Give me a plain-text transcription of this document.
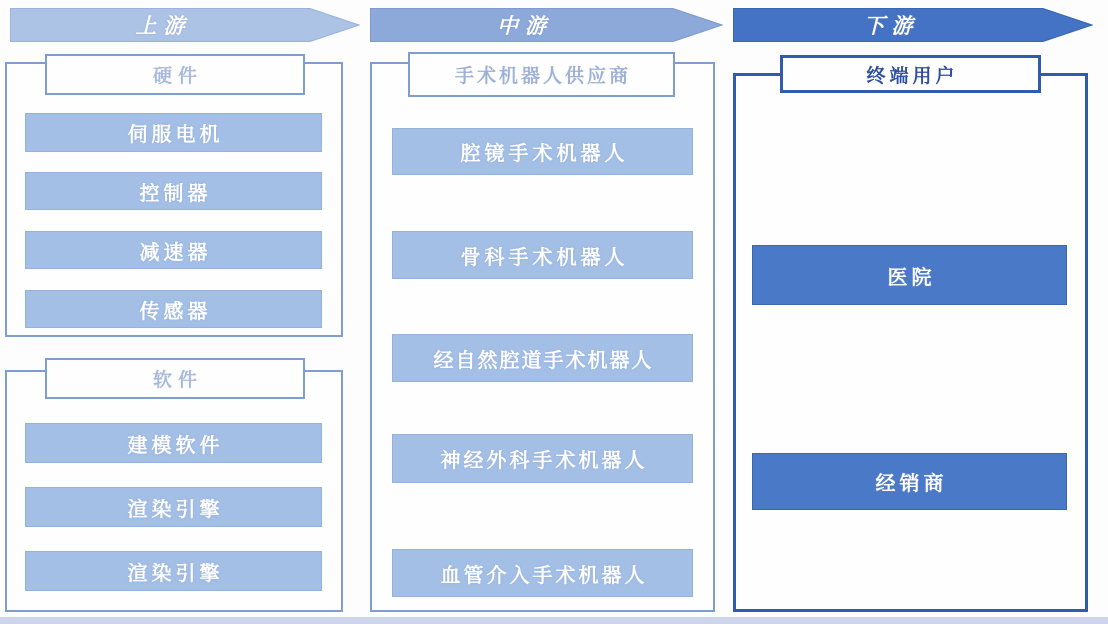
上游	中游	下游
硬件
伺服电机
控制器
减速器
传感器
软件
建模软件
渲染引擎
渲染引擎
手术机器人供应商
腔镜手术机器人
骨科手术机器人
经自然腔道手术机器人
神经外科手术机器人
血管介入手术机器人
终端用户
医院
经销商
